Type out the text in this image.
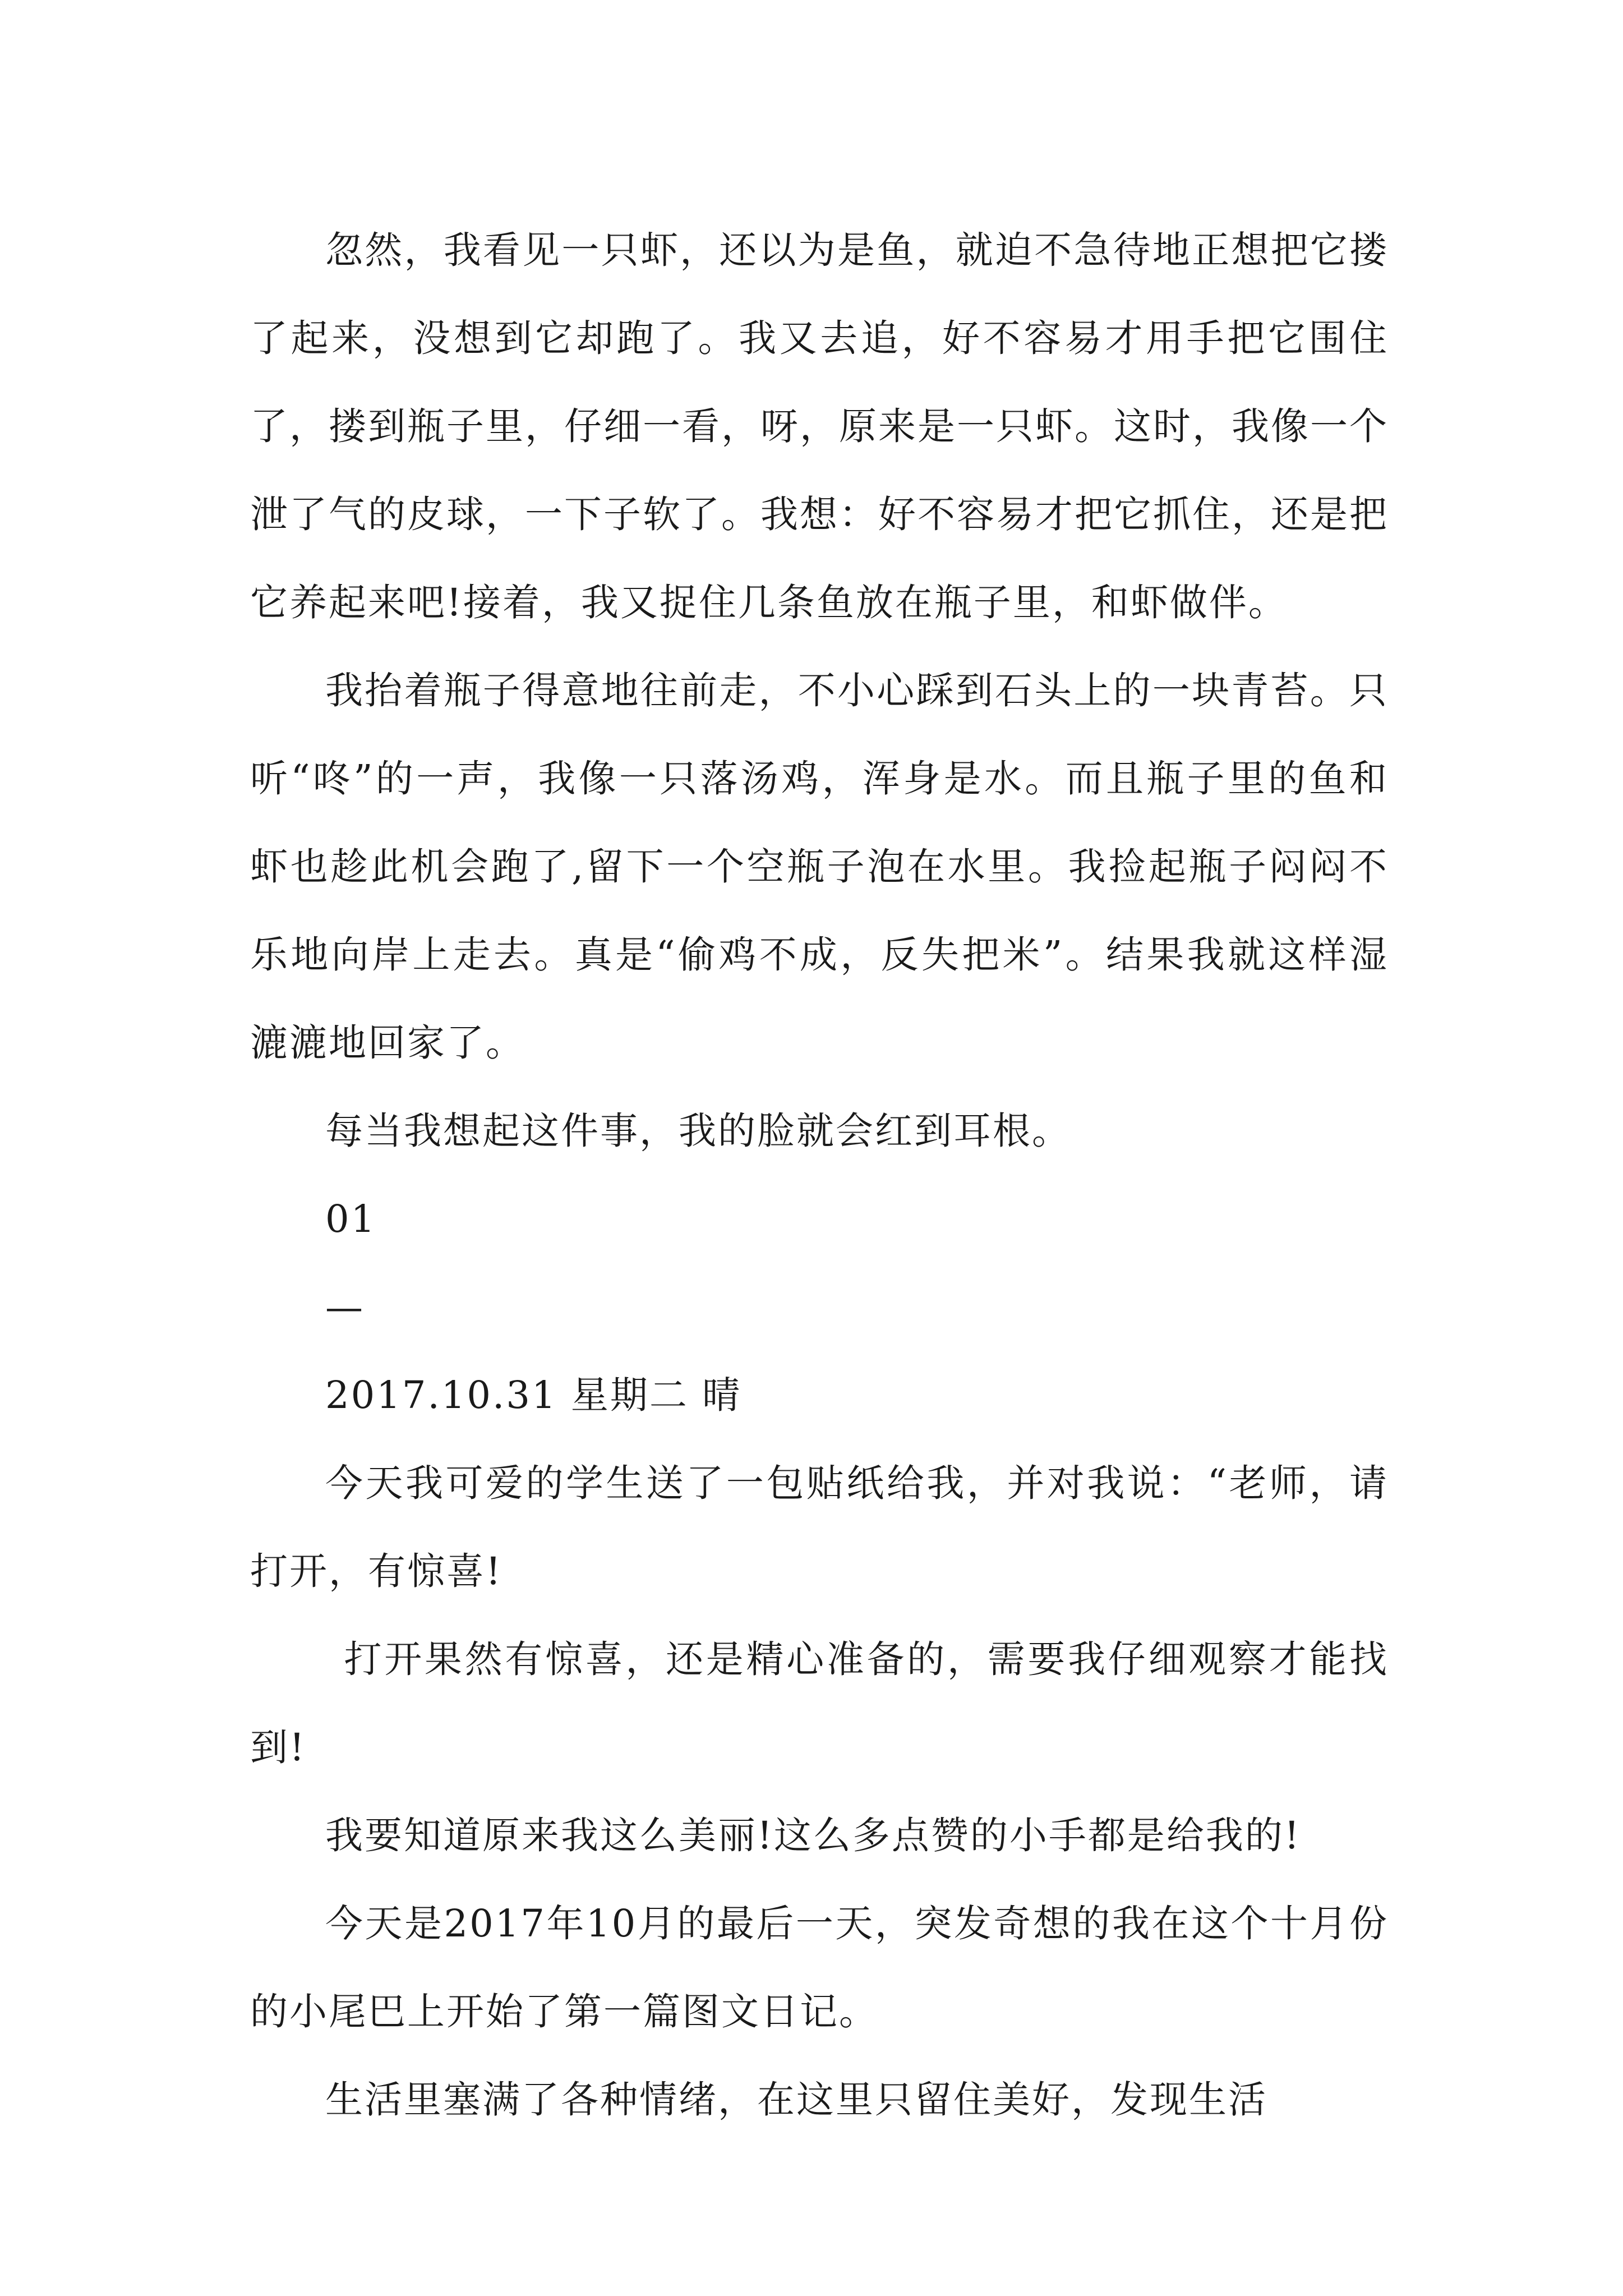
忽然，我看见一只虾，还以为是鱼，就迫不急待地正想把它搂了起来，没想到它却跑了。我又去追，好不容易才用手把它围住了，搂到瓶子里，仔细一看，呀，原来是一只虾。这时，我像一个泄了气的皮球，一下子软了。我想：好不容易才把它抓住，还是把它养起来吧!接着，我又捉住几条鱼放在瓶子里，和虾做伴。

我抬着瓶子得意地往前走，不小心踩到石头上的一块青苔。只听“咚”的一声，我像一只落汤鸡，浑身是水。而且瓶子里的鱼和虾也趁此机会跑了,留下一个空瓶子泡在水里。我捡起瓶子闷闷不乐地向岸上走去。真是“偷鸡不成，反失把米”。结果我就这样湿漉漉地回家了。

每当我想起这件事，我的脸就会红到耳根。

01

—

2017.10.31 星期二 晴

今天我可爱的学生送了一包贴纸给我，并对我说：“老师，请打开，有惊喜!

打开果然有惊喜，还是精心准备的，需要我仔细观察才能找到!

我要知道原来我这么美丽!这么多点赞的小手都是给我的!

今天是2017年10月的最后一天，突发奇想的我在这个十月份的小尾巴上开始了第一篇图文日记。

生活里塞满了各种情绪，在这里只留住美好，发现生活
